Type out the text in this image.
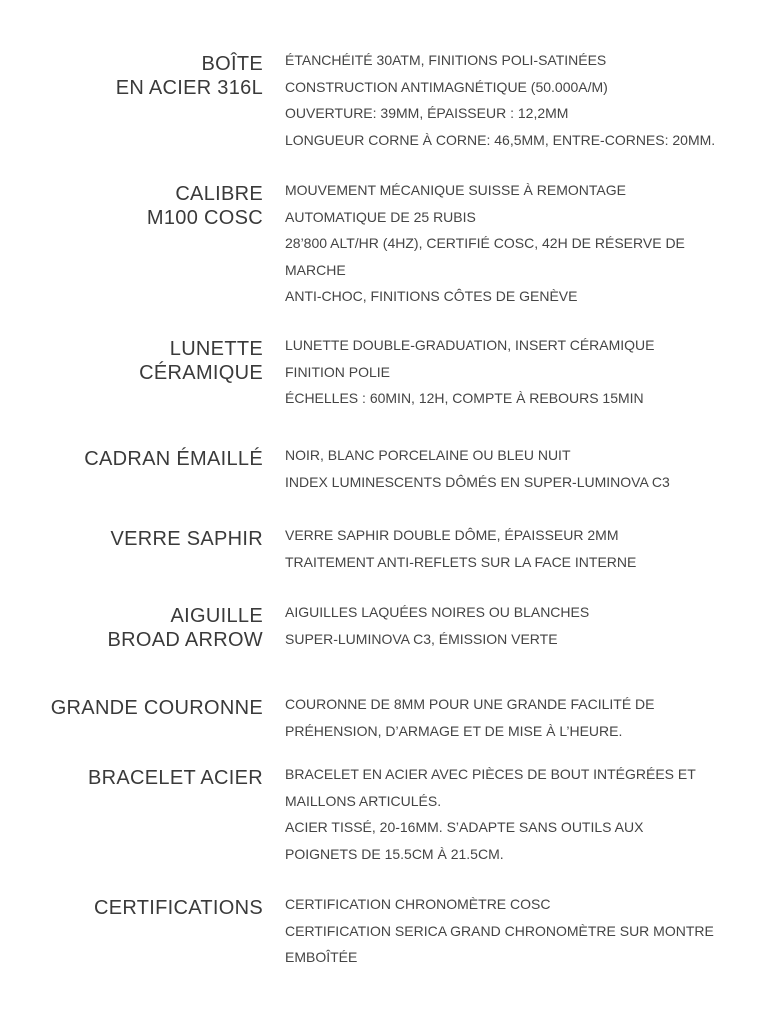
BOÎTE
EN ACIER 316L

ÉTANCHÉITÉ 30ATM, FINITIONS POLI-SATINÉES

CONSTRUCTION ANTIMAGNÉTIQUE (50.000A/M)

OUVERTURE: 39MM, ÉPAISSEUR : 12,2MM

LONGUEUR CORNE À CORNE: 46,5MM, ENTRE-CORNES: 20MM.

CALIBRE
M100 COSC

MOUVEMENT MÉCANIQUE SUISSE À REMONTAGE AUTOMATIQUE DE 25 RUBIS

28’800 ALT/HR (4HZ), CERTIFIÉ COSC, 42H DE RÉSERVE DE MARCHE

ANTI-CHOC, FINITIONS CÔTES DE GENÈVE

LUNETTE
CÉRAMIQUE

LUNETTE DOUBLE-GRADUATION, INSERT CÉRAMIQUE FINITION POLIE

ÉCHELLES : 60MIN, 12H, COMPTE À REBOURS 15MIN

CADRAN ÉMAILLÉ NOIR, BLANC PORCELAINE OU BLEU NUIT

INDEX LUMINESCENTS DÔMÉS EN SUPER-LUMINOVA C3

VERRE SAPHIR VERRE SAPHIR DOUBLE DÔME, ÉPAISSEUR 2MM

TRAITEMENT ANTI-REFLETS SUR LA FACE INTERNE

AIGUILLE
BROAD ARROW

AIGUILLES LAQUÉES NOIRES OU BLANCHES

SUPER-LUMINOVA C3, ÉMISSION VERTE

GRANDE COURONNE COURONNE DE 8MM POUR UNE GRANDE FACILITÉ DE PRÉHENSION, D’ARMAGE ET DE MISE À L’HEURE.

BRACELET ACIER BRACELET EN ACIER AVEC PIÈCES DE BOUT INTÉGRÉES ET MAILLONS ARTICULÉS.

ACIER TISSÉ, 20-16MM. S’ADAPTE SANS OUTILS AUX POIGNETS DE 15.5CM À 21.5CM.

CERTIFICATIONS CERTIFICATION CHRONOMÈTRE COSC

CERTIFICATION SERICA GRAND CHRONOMÈTRE SUR MONTRE EMBOÎTÉE
